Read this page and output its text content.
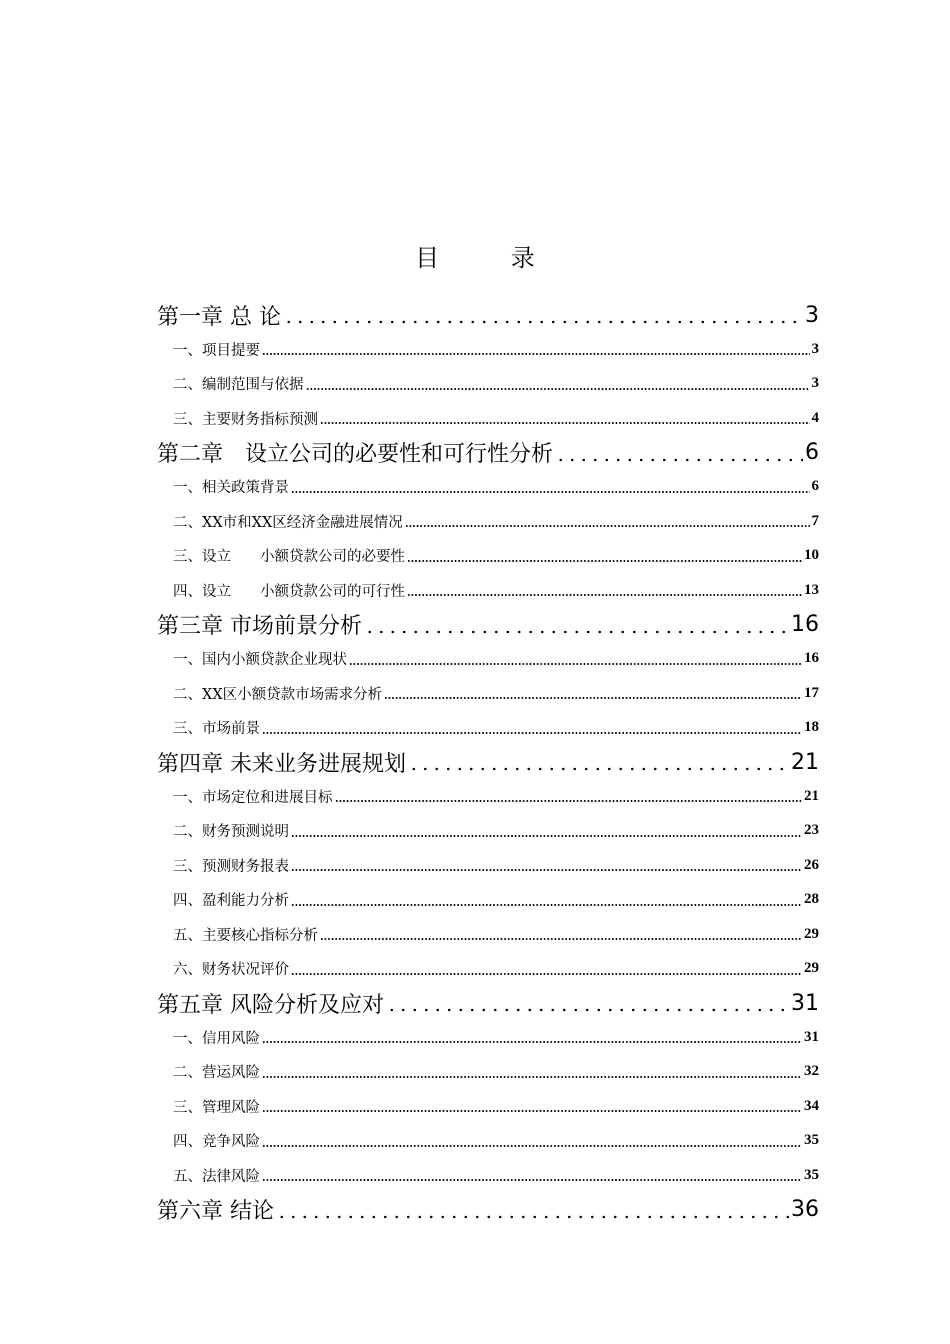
目 录
第一章 总 论	3
一、项目提要	3
二、编制范围与依据	3
三、主要财务指标预测	4
第二章　设立公司的必要性和可行性分析	6
一、相关政策背景	6
二、XX市和XX区经济金融进展情况	7
三、设立　　小额贷款公司的必要性	10
四、设立　　小额贷款公司的可行性	13
第三章 市场前景分析	16
一、国内小额贷款企业现状	16
二、XX区小额贷款市场需求分析	17
三、市场前景	18
第四章 未来业务进展规划	21
一、市场定位和进展目标	21
二、财务预测说明	23
三、预测财务报表	26
四、盈利能力分析	28
五、主要核心指标分析	29
六、财务状况评价	29
第五章 风险分析及应对	31
一、信用风险	31
二、营运风险	32
三、管理风险	34
四、竞争风险	35
五、法律风险	35
第六章 结论	36
